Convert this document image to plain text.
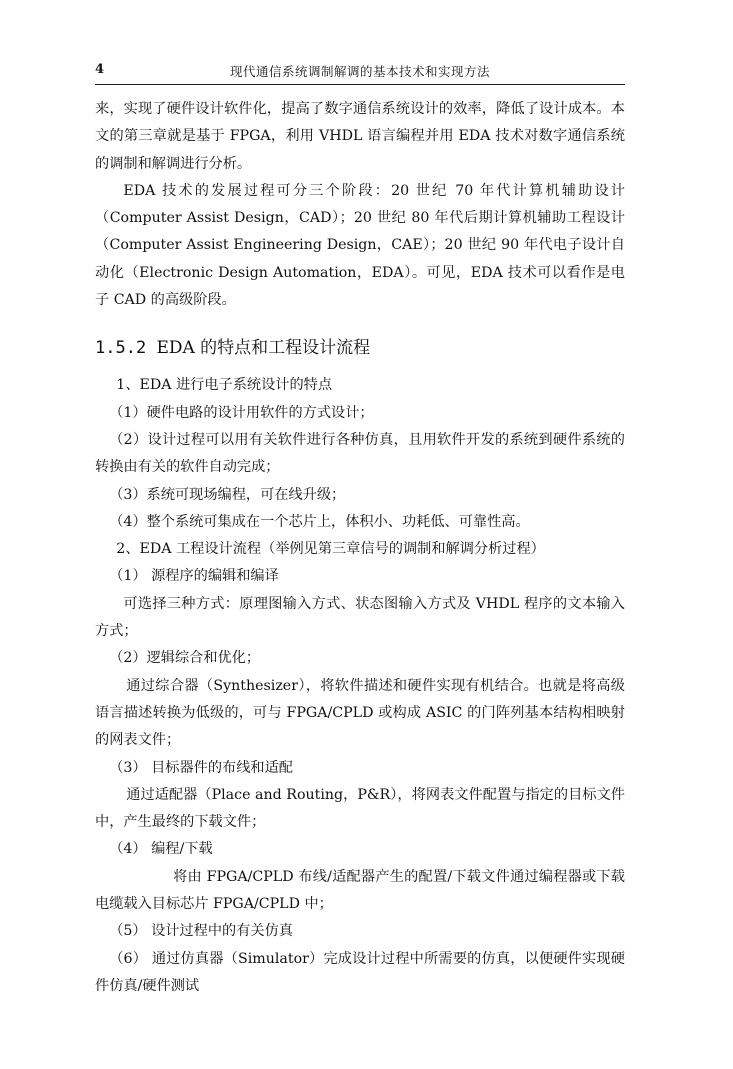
4	现代通信系统调制解调的基本技术和实现方法

来，实现了硬件设计软件化，提高了数字通信系统设计的效率，降低了设计成本。本文的第三章就是基于 FPGA，利用 VHDL 语言编程并用 EDA 技术对数字通信系统的调制和解调进行分析。

EDA 技术的发展过程可分三个阶段：20 世纪 70 年代计算机辅助设计（Computer Assist Design，CAD）；20 世纪 80 年代后期计算机辅助工程设计（Computer Assist Engineering Design，CAE）；20 世纪 90 年代电子设计自动化（Electronic Design Automation，EDA）。可见，EDA 技术可以看作是电子 CAD 的高级阶段。

1.5.2 EDA 的特点和工程设计流程

1、EDA 进行电子系统设计的特点

（1）硬件电路的设计用软件的方式设计；

（2）设计过程可以用有关软件进行各种仿真，且用软件开发的系统到硬件系统的转换由有关的软件自动完成；

（3）系统可现场编程，可在线升级；

（4）整个系统可集成在一个芯片上，体积小、功耗低、可靠性高。

2、EDA 工程设计流程（举例见第三章信号的调制和解调分析过程）

（1） 源程序的编辑和编译

可选择三种方式：原理图输入方式、状态图输入方式及 VHDL 程序的文本输入方式；

（2）逻辑综合和优化；

通过综合器（Synthesizer），将软件描述和硬件实现有机结合。也就是将高级语言描述转换为低级的，可与 FPGA/CPLD 或构成 ASIC 的门阵列基本结构相映射的网表文件；

（3） 目标器件的布线和适配

通过适配器（Place and Routing，P&R），将网表文件配置与指定的目标文件中，产生最终的下载文件；

（4） 编程/下载

将由 FPGA/CPLD 布线/适配器产生的配置/下载文件通过编程器或下载电缆载入目标芯片 FPGA/CPLD 中；

（5） 设计过程中的有关仿真

（6） 通过仿真器（Simulator）完成设计过程中所需要的仿真，以便硬件实现硬件仿真/硬件测试
